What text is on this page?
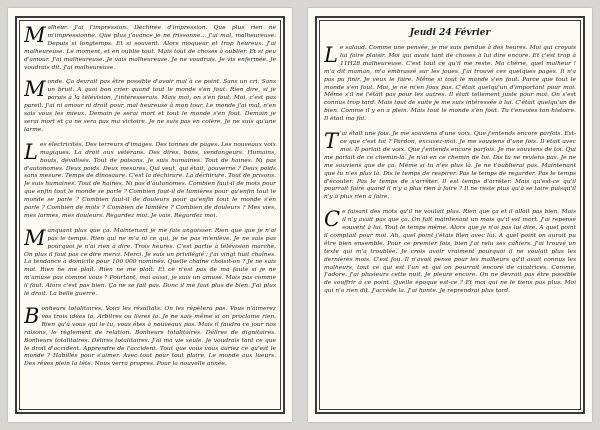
Malheur. J'ai l'impression. Déchirée d'impression. Que plus rien ne m'impressionne. Que plus j'avance je ne frissonne... J'ai mal, malheureuse. Depuis si longtemps. Et si souvent. Alors moqueur et trop heureux. J'ai malheureuse. Le moment, et en oublie tout. Mais tout de choses à oublier. Et si peu d'amour. J'ai malheureuse. Je vais malheureuse. Je ne voudrais. Je vis enfermée. Je voudrais dit. J'ai malheureuse.

Monde. Ça devrait pas être possible d'avoir mal à ce point. Sans un cri. Sans un bruit. A quoi bon crier quand tout le monde s'en fout. Rien dire, si je parais à la télévision, j'intéresserais. Mais moi, on s'en fout. Moi, c'est pas pareil. J'ai ni amour ni droit pour, mal heureuse à mon tour. Le monde j'ai mal, n'en sais vous les mieux. Demain je serai mort et tout le monde s'en fout. Demain je serai mort et ça ne sera pas ma victoire. Je ne suis pas en colère. Je ne suis qu'une larme.

Les électricités. Des terreurs d'images. Des tonnes de pages. Les nouveaux voix magiques. La droit aux vétérans. Des dires, bons, vendangeurs. Humains, bouts, dévalisés. Tout de poisons. Je suis humaines. Tout de haines. Ni pas d'autonomes. Deux poids. Deux mesures. Qui veut, qui était, gouverne ? Deux poids sans mesure. Temps de dinosaure. C'est la déchirure. La déchirure. Tout de prisons. Je suis humaines. Tout de haines. Ni pas d'autonomes. Combien faut-il de mots pour que enfin tout le monde se parle ? Combien faut-il de lumières pour qu'enfin tout le monde se parle ? Combien faut-il de douleurs pour qu'enfin tout le monde s'en parle ? Combien de mots ? Combien de lumière ? Combien de douleurs ? Mes vies, mes larmes, mes douleurs. Regardez moi. Je vais. Regardez moi.

Manquant plus que ça. Maintenant je me fais angoisser. Rien que que je n'ai pas le temps. Rien qui ne m'a ni ce qui, je ne pas m'enlève. Je ne sais pas pourquoi je n'ai rien à dire. Trois heures. C'est partie à télévision marche. On plus il faut pas ce dire merci. Merci. Je suis un privilégié ; j'ai vingt huit chaînes. La tendance à domicile pour 100 000 nominés. Quelle chaîne choisit-on ? Je ne sais moi. Rien ne me plaît. Rien ne me plaît. Et ce n'est pas de ma faute si je ne m'amuse pas comme vous ? Pourtant, moi aussi, je suis un amusé. Mais pas comme il faut. Alors c'est pas bien. Ça ne se fait pas. Donc il me faut plus de bien. J'ai plus le droit. La belle guerre.

Bonheurs totalitaires. Voici les résultats. On les répètera pas. Vous n'aimerez vos trois idées la. Arbitres ou livres la. Je ne sais même si on proclame rien. Rien qu'à vous qui le tu, vous êtes à nouveaux pas. Mais il faudra ce jour nos raisons, le règlement de relation. Bonheurs totalitaires. Délires de dignitaires. Bonheurs totalitaires. Délires totalitaires. J'ai ma vie seule. Je voudrais tant ce que le droit d'accident. Apprendre de l'accident. Tout que vous vous auriez ce qu'est le monde ? Habillés pour s'aimer. Avec tout pour tout plaire. Le monde aux lueurs. Des rêves plein la tête. Nous verra propres. Pour la nouvelle année.

Jeudi 24 Février

Le salaud. Comme une pensée, je me suis pendue à des heures. Moi qui croyais lui faire plaisir. Moi qui avais tant de choses à lui dire encore. Et c'est trop à 11H28 malheureuse. C'est tout ce qu'il me reste. Ma chérie, quel malheur ! m'a dit maman, m'a embrassé sur les joues. J'ai trouvé ces quelques pages. Il n'a pas pu finir. Je veux le faire. Même si tout le monde s'en fout. Parce que tout le monde s'en fout. Moi, je ne m'en fous pas. C'était quelqu'un d'important pour moi. Même s'il ne l'était pas pour les autres. Il était tellement juste pour moi. On s'est connus trop tard. Mais tout de suite je me suis intéressée à lui. C'était quelqu'un de bien. Comme il y en a plein. Mais tout le monde s'en fout. Tu t'envoies ton histoire. Il était ma foi.

T 'ai était une fois. Je me souviens d'une voix. Que j'entends encore parfois. Est-ce que c'est toi ? Pardon, excusez-moi. Je me souviens d'une fois. Il était avec moi. Il parlait de voix. Que j'entends encore parfois. Je me souviens de toi. Qui me parlait de ce chemin-là. Je n'ai en ce chemin de toi. Dis tu ne reviens pas. Je ne me souviens que de ça. Même si tu n'es plus là. Je ne t'oublierai pas. Maintenant que tu n'es plus là. Dis le temps de respirer. Pas le temps de regarder. Pas le temps d'écouter. Pas le temps de s'arrêter. Il est temps d'arrêter. Mais qu'est-ce qu'il pourrait faire quand il n'y a plus rien à faire ? Il ne reste plus qu'à se taire puisqu'il n'y a plus rien à faire.

Ce faisant des mots qu'il ne voulait plus. Rien que ça et il allait pas bien. Mais il n'y avait pas que ça. On fait maintenant un mois qu'il est mort. J'ai repensé souvent à lui. Tout le temps même. Alors que je n'ai pas lui dire. A quel point il comptait pour moi. Ah, quel point j'étais bien avec lui. A quel point on aurait pu être bien ensemble. Pour ce premier fois, bien j'ai relu ses cahiers. J'ai trouvé un texte qui m'a troublée. Je crois avoir vraiment pourquoi il ne voulait plus les dernières mois. C'est fou. Il n'avait pensé pour les malheurs qu'il avait connus les malheurs, tout ce qui est l'un et qui on pourrait encore de cicatrices. Comme, J'adore. J'ai plusieurs cette nuit. Je pleure encore. On ne devrait pas être possible de souffrir à ce point. Quelle époque est-ce ? Et moi qui ne le tiens pas plus. Moi qui n'a rien dit. J'accède la. J'ai honte. Je reprendrai plus tard.
